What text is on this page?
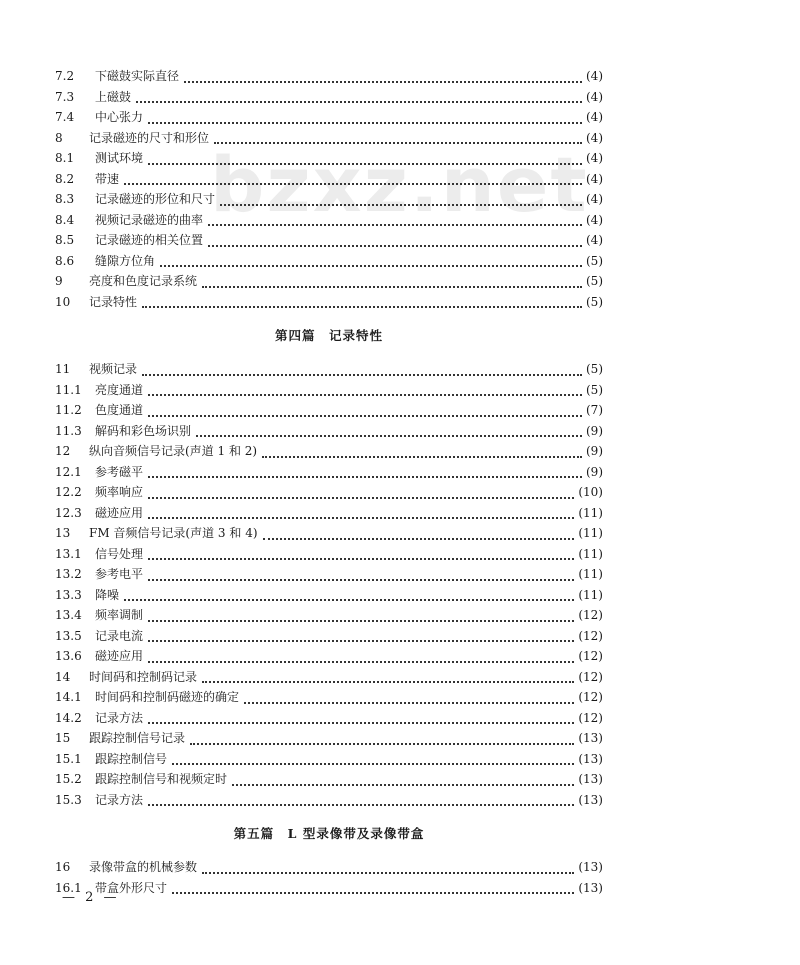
bzxz.net
7.2	下磁鼓实际直径	(4)
7.3	上磁鼓	(4)
7.4	中心张力	(4)
8	记录磁迹的尺寸和形位	(4)
8.1	测试环境	(4)
8.2	带速	(4)
8.3	记录磁迹的形位和尺寸	(4)
8.4	视频记录磁迹的曲率	(4)
8.5	记录磁迹的相关位置	(4)
8.6	缝隙方位角	(5)
9	亮度和色度记录系统	(5)
10	记录特性	(5)
第四篇　记录特性
11	视频记录	(5)
11.1	亮度通道	(5)
11.2	色度通道	(7)
11.3	解码和彩色场识别	(9)
12	纵向音频信号记录(声道 1 和 2)	(9)
12.1	参考磁平	(9)
12.2	频率响应	(10)
12.3	磁迹应用	(11)
13	FM 音频信号记录(声道 3 和 4)	(11)
13.1	信号处理	(11)
13.2	参考电平	(11)
13.3	降噪	(11)
13.4	频率调制	(12)
13.5	记录电流	(12)
13.6	磁迹应用	(12)
14	时间码和控制码记录	(12)
14.1	时间码和控制码磁迹的确定	(12)
14.2	记录方法	(12)
15	跟踪控制信号记录	(13)
15.1	跟踪控制信号	(13)
15.2	跟踪控制信号和视频定时	(13)
15.3	记录方法	(13)
第五篇　L 型录像带及录像带盒
16	录像带盒的机械参数	(13)
16.1	带盒外形尺寸	(13)
— 2 —
